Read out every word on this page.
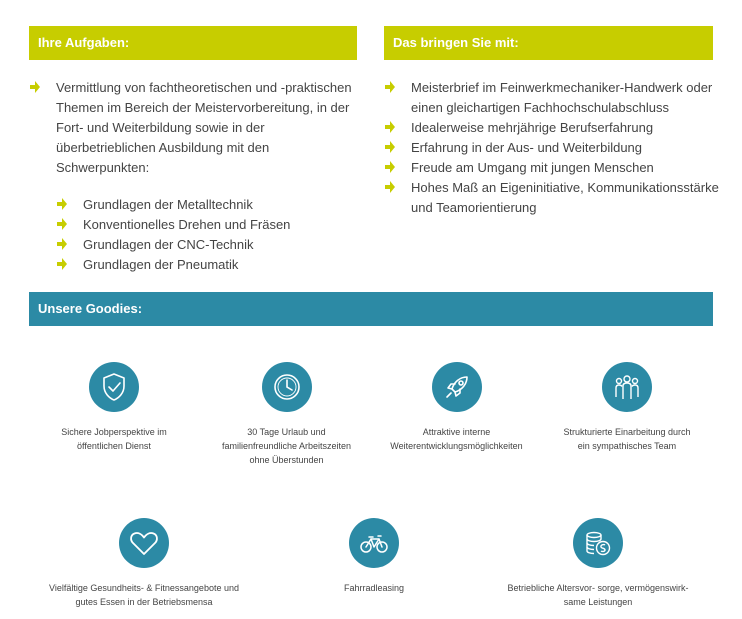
Ihre Aufgaben:
Vermittlung von fachtheoretischen und -praktischen Themen im Bereich der Meistervorbereitung, in der Fort- und Weiterbildung sowie in der überbetrieblichen Ausbildung mit den Schwerpunkten:
Grundlagen der Metalltechnik
Konventionelles Drehen und Fräsen
Grundlagen der CNC-Technik
Grundlagen der Pneumatik
Das bringen Sie mit:
Meisterbrief im Feinwerkmechaniker-Handwerk oder einen gleichartigen Fachhochschulabschluss
Idealerweise mehrjährige Berufserfahrung
Erfahrung in der Aus- und Weiterbildung
Freude am Umgang mit jungen Menschen
Hohes Maß an Eigeninitiative, Kommunikationsstärke und Teamorientierung
Unsere Goodies:
Sichere Jobperspektive im öffentlichen Dienst
30 Tage Urlaub und familienfreundliche Arbeitszeiten ohne Überstunden
Attraktive interne Weiterentwicklungsmöglichkeiten
Strukturierte Einarbeitung durch ein sympathisches Team
Vielfältige Gesundheits- & Fitnessangebote und gutes Essen in der Betriebsmensa
Fahrradleasing	Betriebliche Altersvor- sorge, vermögenswirk- same Leistungen
